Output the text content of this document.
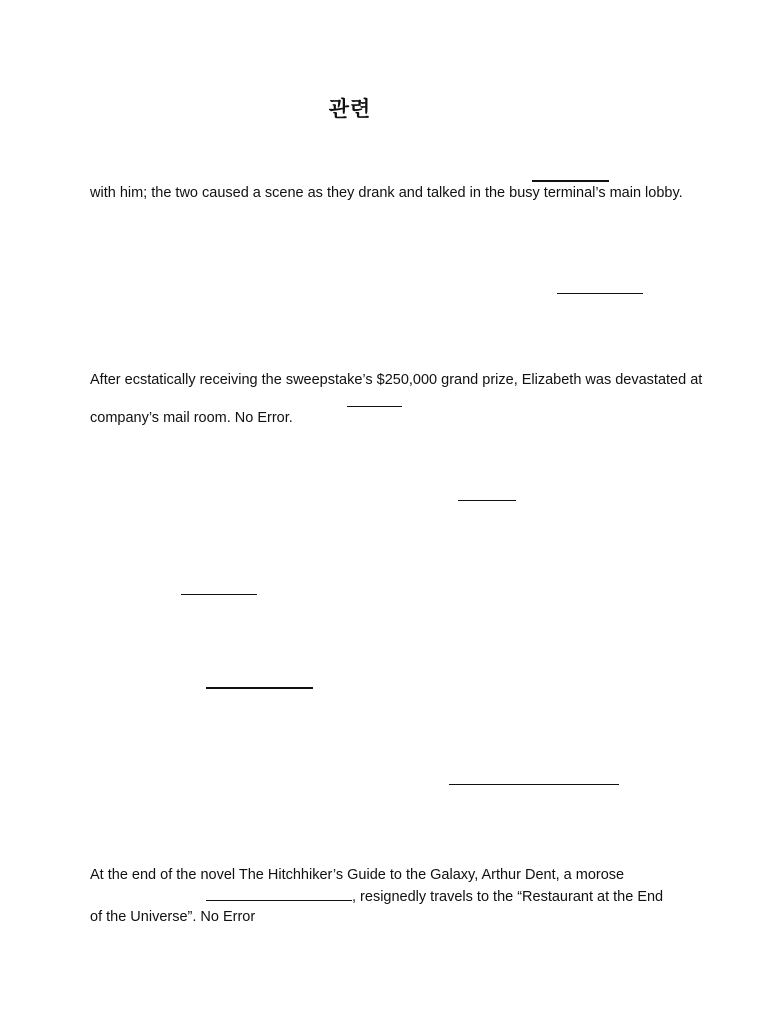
관련
with him; the two caused a scene as they drank and talked in the busy terminal’s main lobby.
After ecstatically receiving the sweepstake’s $250,000 grand prize, Elizabeth was devastated at
company’s mail room. No Error.
At the end of the novel The Hitchhiker’s Guide to the Galaxy, Arthur Dent, a morose
, resignedly travels to the “Restaurant at the End
of the Universe”. No Error
